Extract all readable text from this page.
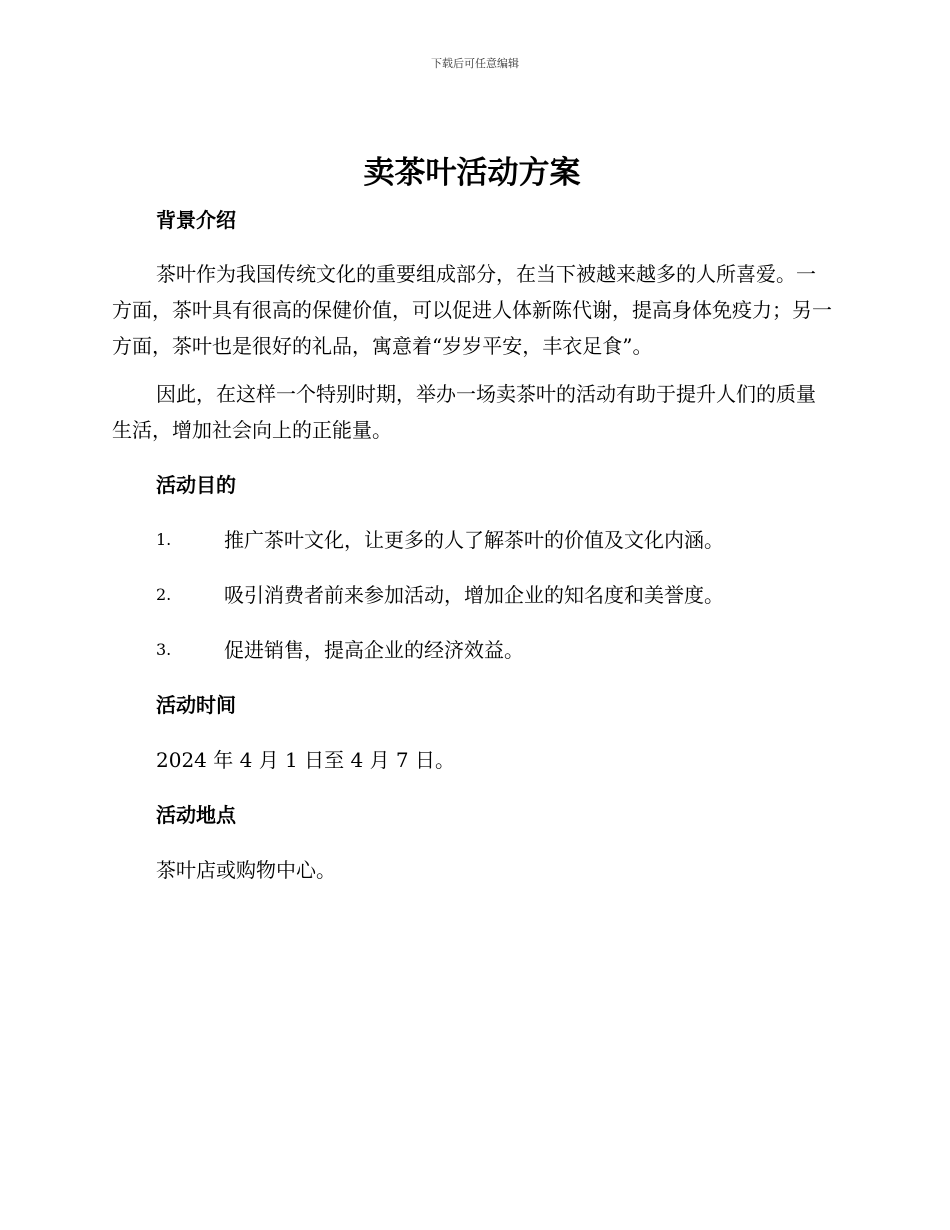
下载后可任意编辑
卖茶叶活动方案
背景介绍

茶叶作为我国传统文化的重要组成部分，在当下被越来越多的人所喜爱。一方面，茶叶具有很高的保健价值，可以促进人体新陈代谢，提高身体免疫力；另一方面，茶叶也是很好的礼品，寓意着“岁岁平安，丰衣足食”。

因此，在这样一个特别时期，举办一场卖茶叶的活动有助于提升人们的质量生活，增加社会向上的正能量。

活动目的
1.	推广茶叶文化，让更多的人了解茶叶的价值及文化内涵。
2.	吸引消费者前来参加活动，增加企业的知名度和美誉度。
3.	促进销售，提高企业的经济效益。
活动时间

2024 年 4 月 1 日至 4 月 7 日。

活动地点

茶叶店或购物中心。
